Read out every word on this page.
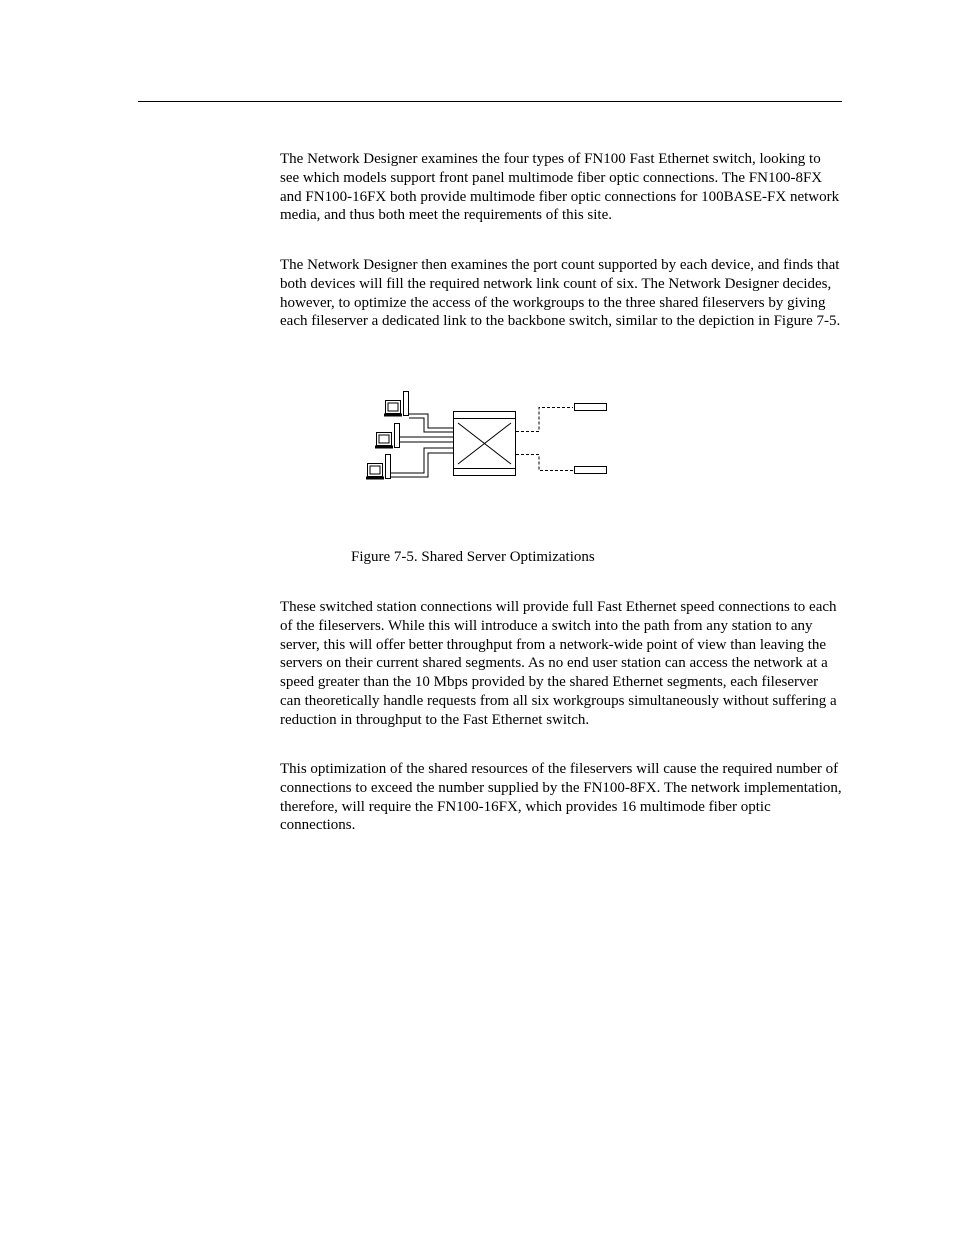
The Network Designer examines the four types of FN100 Fast Ethernet switch, looking to see which models support front panel multimode fiber optic connections. The FN100-8FX and FN100-16FX both provide multimode fiber optic connections for 100BASE-FX network media, and thus both meet the requirements of this site.

The Network Designer then examines the port count supported by each device, and finds that both devices will fill the required network link count of six. The Network Designer decides, however, to optimize the access of the workgroups to the three shared fileservers by giving each fileserver a dedicated link to the backbone switch, similar to the depiction in Figure 7-5.

Figure 7-5. Shared Server Optimizations

These switched station connections will provide full Fast Ethernet speed connections to each of the fileservers. While this will introduce a switch into the path from any station to any server, this will offer better throughput from a network-wide point of view than leaving the servers on their current shared segments. As no end user station can access the network at a speed greater than the 10 Mbps provided by the shared Ethernet segments, each fileserver can theoretically handle requests from all six workgroups simultaneously without suffering a reduction in throughput to the Fast Ethernet switch.

This optimization of the shared resources of the fileservers will cause the required number of connections to exceed the number supplied by the FN100-8FX. The network implementation, therefore, will require the FN100-16FX, which provides 16 multimode fiber optic connections.
